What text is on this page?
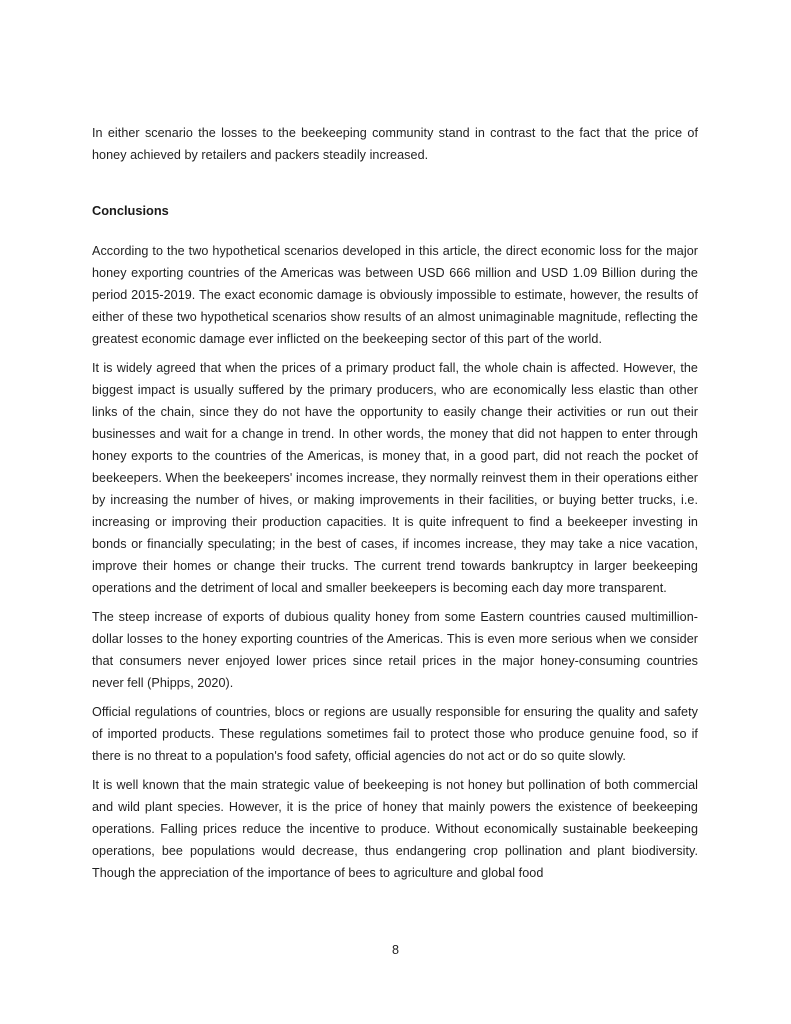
In either scenario the losses to the beekeeping community stand in contrast to the fact that the price of honey achieved by retailers and packers steadily increased.

Conclusions

According to the two hypothetical scenarios developed in this article, the direct economic loss for the major honey exporting countries of the Americas was between USD 666 million and USD 1.09 Billion during the period 2015-2019. The exact economic damage is obviously impossible to estimate, however, the results of either of these two hypothetical scenarios show results of an almost unimaginable magnitude, reflecting the greatest economic damage ever inflicted on the beekeeping sector of this part of the world.

It is widely agreed that when the prices of a primary product fall, the whole chain is affected. However, the biggest impact is usually suffered by the primary producers, who are economically less elastic than other links of the chain, since they do not have the opportunity to easily change their activities or run out their businesses and wait for a change in trend. In other words, the money that did not happen to enter through honey exports to the countries of the Americas, is money that, in a good part, did not reach the pocket of beekeepers. When the beekeepers' incomes increase, they normally reinvest them in their operations either by increasing the number of hives, or making improvements in their facilities, or buying better trucks, i.e. increasing or improving their production capacities. It is quite infrequent to find a beekeeper investing in bonds or financially speculating; in the best of cases, if incomes increase, they may take a nice vacation, improve their homes or change their trucks. The current trend towards bankruptcy in larger beekeeping operations and the detriment of local and smaller beekeepers is becoming each day more transparent.

The steep increase of exports of dubious quality honey from some Eastern countries caused multimillion-dollar losses to the honey exporting countries of the Americas. This is even more serious when we consider that consumers never enjoyed lower prices since retail prices in the major honey-consuming countries never fell (Phipps, 2020).

Official regulations of countries, blocs or regions are usually responsible for ensuring the quality and safety of imported products. These regulations sometimes fail to protect those who produce genuine food, so if there is no threat to a population's food safety, official agencies do not act or do so quite slowly.

It is well known that the main strategic value of beekeeping is not honey but pollination of both commercial and wild plant species. However, it is the price of honey that mainly powers the existence of beekeeping operations. Falling prices reduce the incentive to produce. Without economically sustainable beekeeping operations, bee populations would decrease, thus endangering crop pollination and plant biodiversity. Though the appreciation of the importance of bees to agriculture and global food

8
